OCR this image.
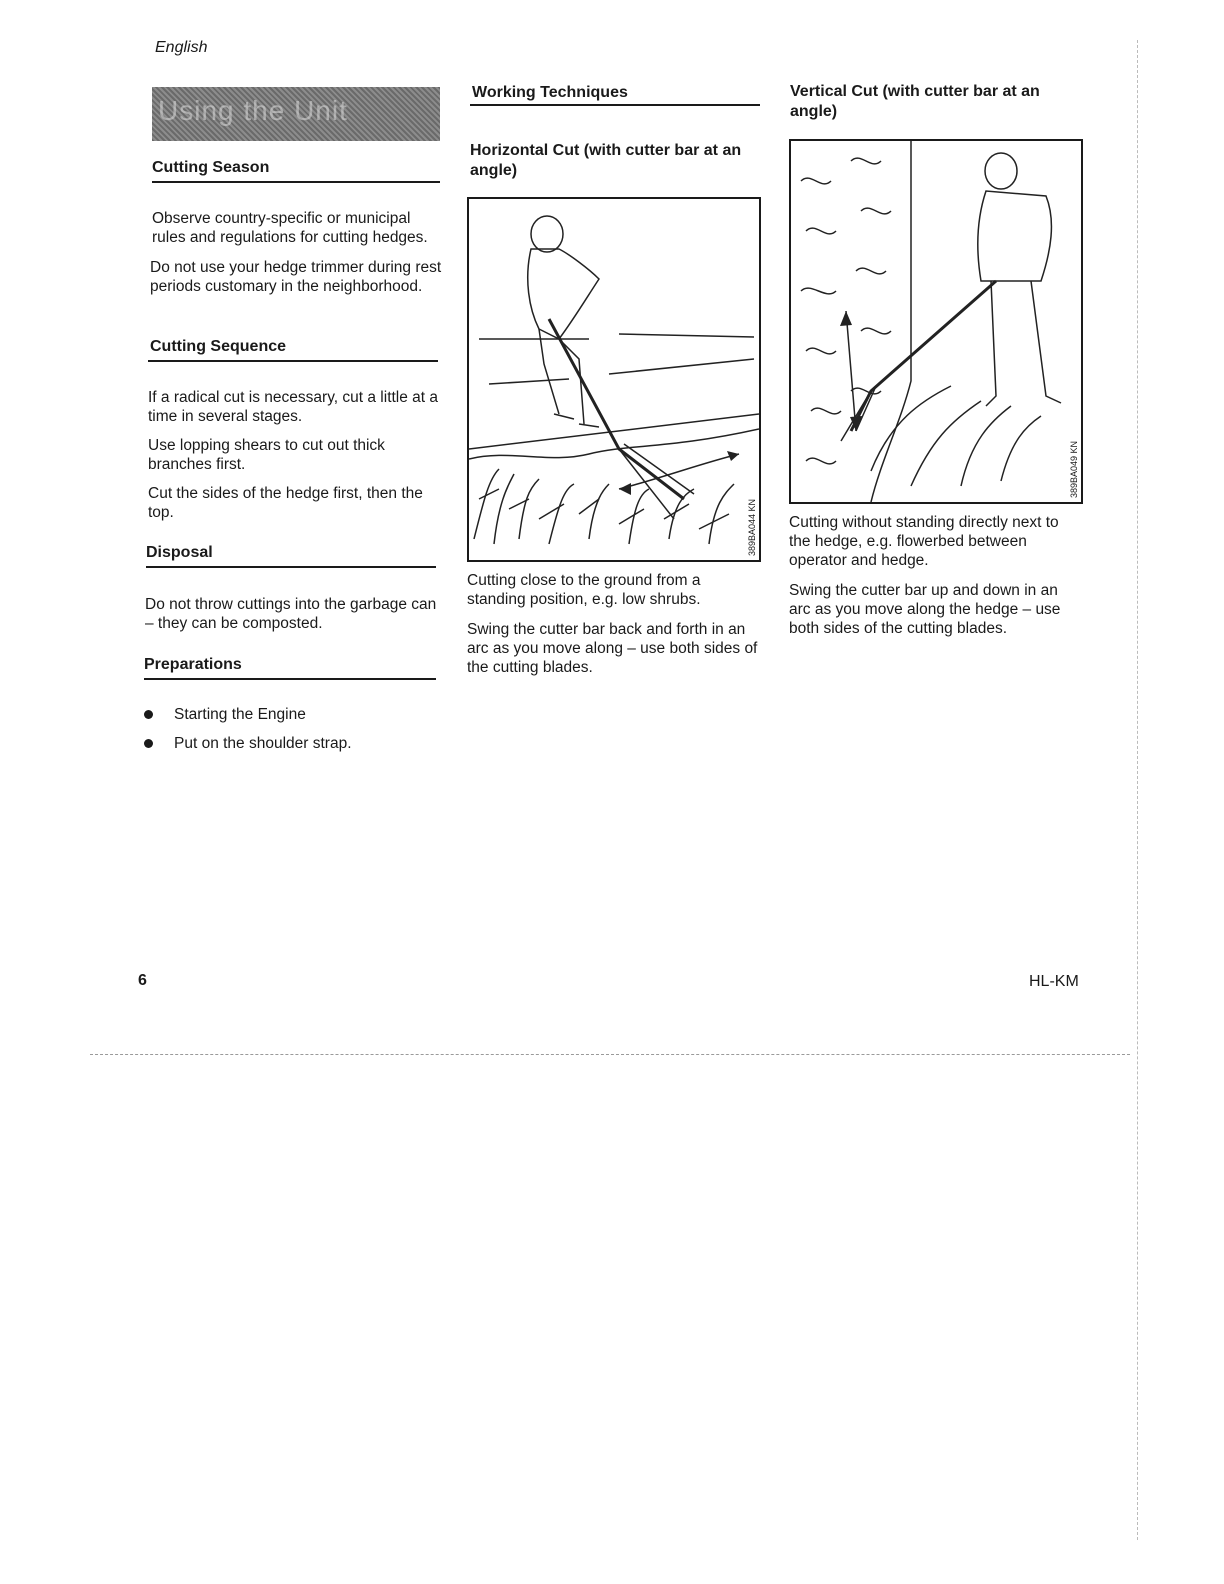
English
Using the Unit
Cutting Season
Observe country-specific or municipal rules and regulations for cutting hedges.
Do not use your hedge trimmer during rest periods customary in the neighborhood.
Cutting Sequence
If a radical cut is necessary, cut a little at a time in several stages.
Use lopping shears to cut out thick branches first.
Cut the sides of the hedge first, then the top.
Disposal
Do not throw cuttings into the garbage can – they can be composted.
Preparations
Starting the Engine
Put on the shoulder strap.
Working Techniques
Horizontal Cut (with cutter bar at an angle)
389BA044 KN
Cutting close to the ground from a standing position, e.g. low shrubs.
Swing the cutter bar back and forth in an arc as you move along – use both sides of the cutting blades.
Vertical Cut (with cutter bar at an angle)
389BA049 KN
Cutting without standing directly next to the hedge, e.g. flowerbed between operator and hedge.
Swing the cutter bar up and down in an arc as you move along the hedge – use both sides of the cutting blades.
6	HL-KM
